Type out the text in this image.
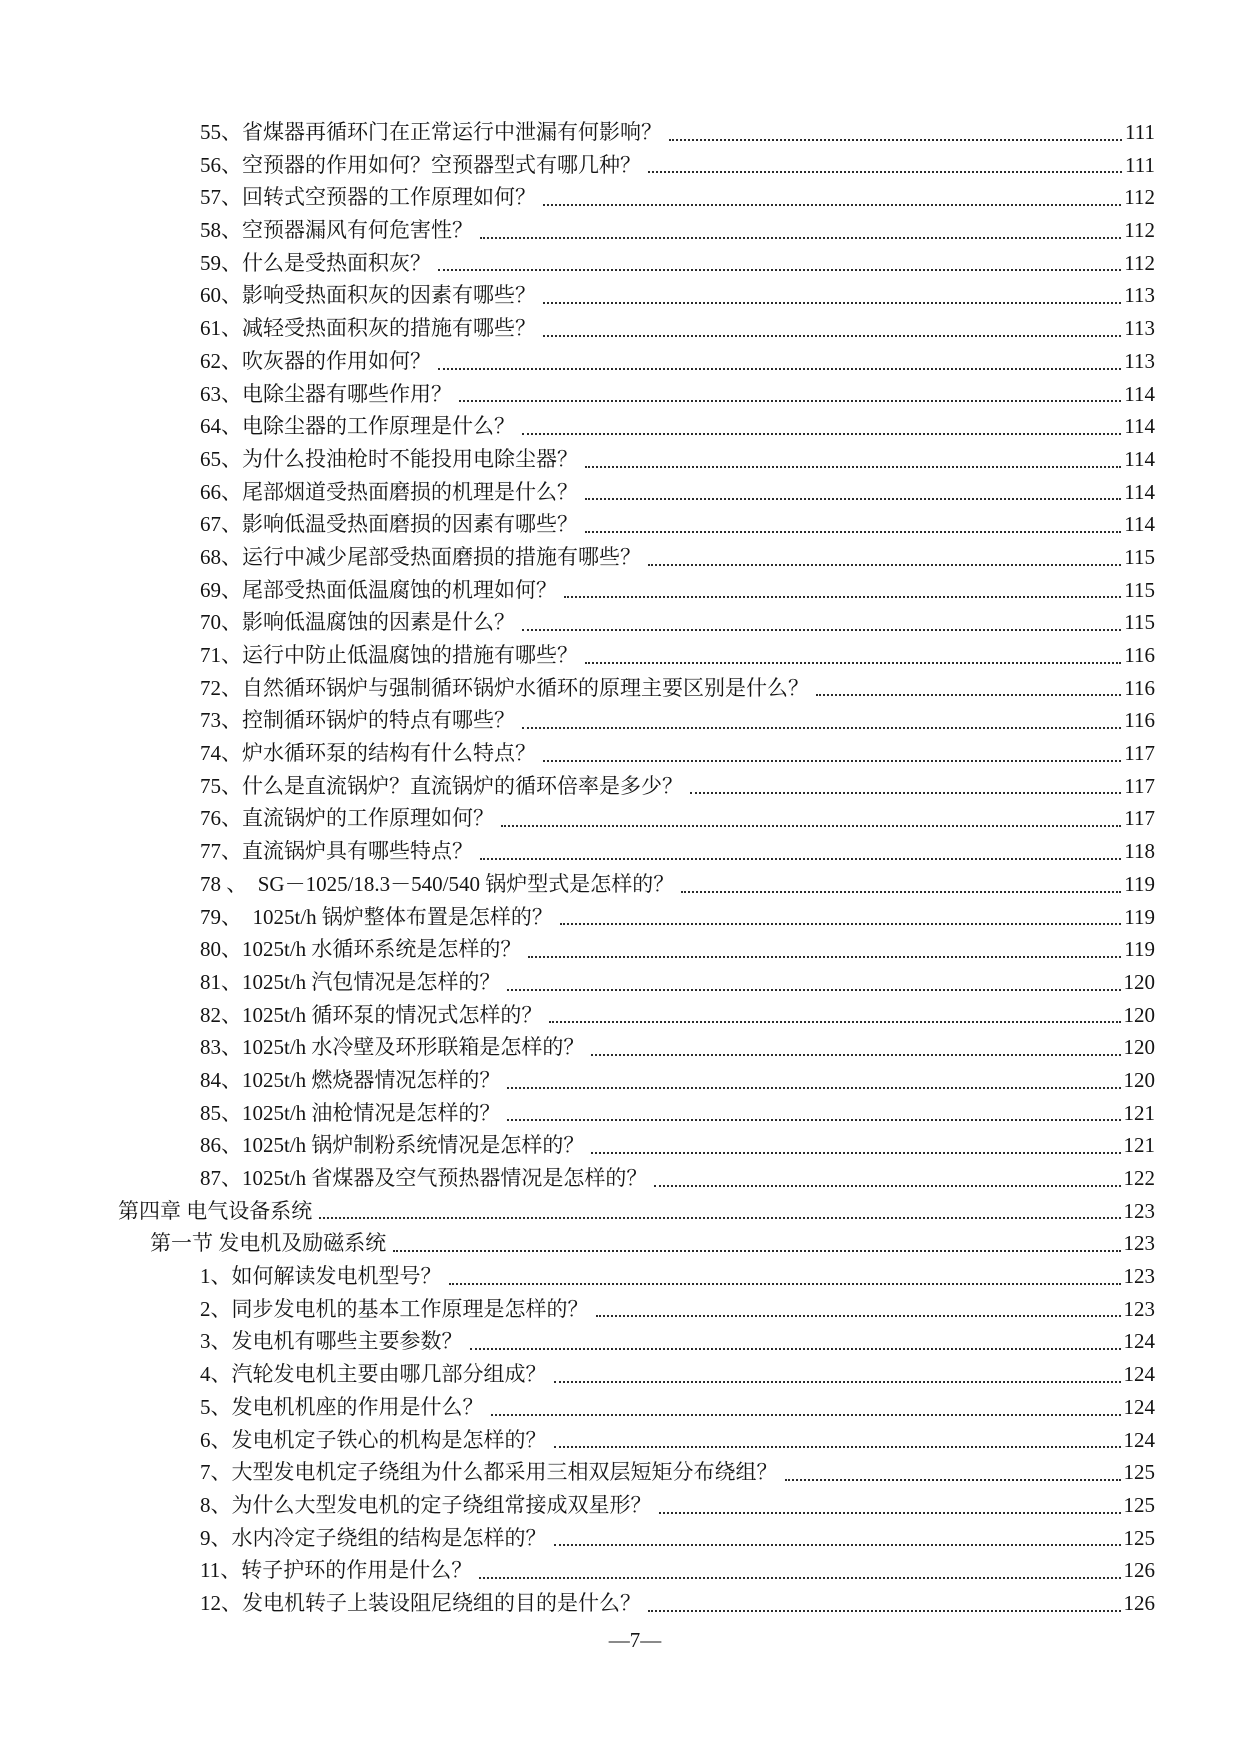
55、省煤器再循环门在正常运行中泄漏有何影响？	111
56、空预器的作用如何？空预器型式有哪几种？	111
57、回转式空预器的工作原理如何？	112
58、空预器漏风有何危害性？	112
59、什么是受热面积灰？	112
60、影响受热面积灰的因素有哪些？	113
61、减轻受热面积灰的措施有哪些？	113
62、吹灰器的作用如何？	113
63、电除尘器有哪些作用？	114
64、电除尘器的工作原理是什么？	114
65、为什么投油枪时不能投用电除尘器？	114
66、尾部烟道受热面磨损的机理是什么？	114
67、影响低温受热面磨损的因素有哪些？	114
68、运行中减少尾部受热面磨损的措施有哪些？	115
69、尾部受热面低温腐蚀的机理如何？	115
70、影响低温腐蚀的因素是什么？	115
71、运行中防止低温腐蚀的措施有哪些？	116
72、自然循环锅炉与强制循环锅炉水循环的原理主要区别是什么？	116
73、控制循环锅炉的特点有哪些？	116
74、炉水循环泵的结构有什么特点？	117
75、什么是直流锅炉？直流锅炉的循环倍率是多少？	117
76、直流锅炉的工作原理如何？	117
77、直流锅炉具有哪些特点？	118
78 、　SG－1025/18.3－540/540 锅炉型式是怎样的？	119
79、　1025t/h 锅炉整体布置是怎样的？	119
80、1025t/h 水循环系统是怎样的？	119
81、1025t/h 汽包情况是怎样的？	120
82、1025t/h 循环泵的情况式怎样的？	120
83、1025t/h 水冷壁及环形联箱是怎样的？	120
84、1025t/h 燃烧器情况怎样的？	120
85、1025t/h 油枪情况是怎样的？	121
86、1025t/h 锅炉制粉系统情况是怎样的？	121
87、1025t/h 省煤器及空气预热器情况是怎样的？	122
第四章 电气设备系统	123
第一节 发电机及励磁系统	123
1、如何解读发电机型号？	123
2、同步发电机的基本工作原理是怎样的？	123
3、发电机有哪些主要参数？	124
4、汽轮发电机主要由哪几部分组成？	124
5、发电机机座的作用是什么？	124
6、发电机定子铁心的机构是怎样的？	124
7、大型发电机定子绕组为什么都采用三相双层短矩分布绕组？	125
8、为什么大型发电机的定子绕组常接成双星形？	125
9、水内冷定子绕组的结构是怎样的？	125
11、转子护环的作用是什么？	126
12、发电机转子上装设阻尼绕组的目的是什么？	126
—7—
